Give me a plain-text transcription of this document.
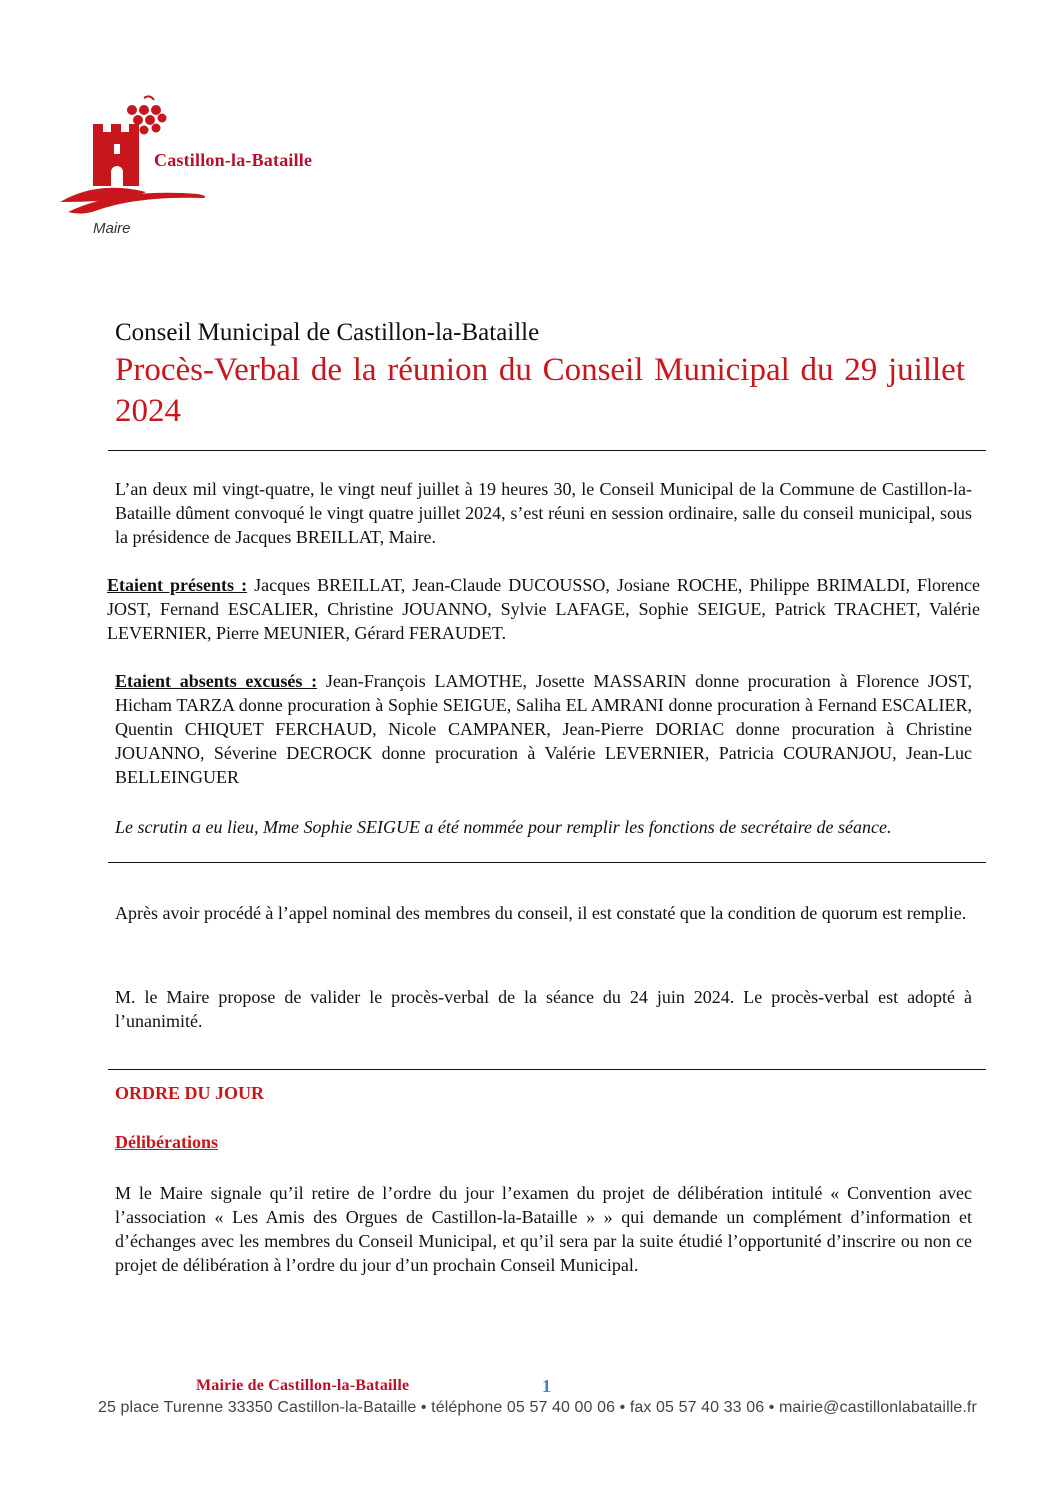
Castillon-la-Bataille
Maire
Conseil Municipal de Castillon-la-Bataille
Procès-Verbal de la réunion du Conseil Municipal du 29 juillet 2024
L’an deux mil vingt-quatre, le vingt neuf juillet à 19 heures 30, le Conseil Municipal de la Commune de Castillon-la-Bataille dûment convoqué le vingt quatre juillet 2024, s’est réuni en session ordinaire, salle du conseil municipal, sous la présidence de Jacques BREILLAT, Maire.
Etaient présents : Jacques BREILLAT, Jean-Claude DUCOUSSO, Josiane ROCHE, Philippe BRIMALDI, Florence JOST, Fernand ESCALIER, Christine JOUANNO, Sylvie LAFAGE, Sophie SEIGUE, Patrick TRACHET, Valérie LEVERNIER, Pierre MEUNIER, Gérard FERAUDET.
Etaient absents excusés : Jean-François LAMOTHE, Josette MASSARIN donne procuration à Florence JOST, Hicham TARZA donne procuration à Sophie SEIGUE, Saliha EL AMRANI donne procuration à Fernand ESCALIER, Quentin CHIQUET FERCHAUD, Nicole CAMPANER, Jean-Pierre DORIAC donne procuration à Christine JOUANNO, Séverine DECROCK donne procuration à Valérie LEVERNIER, Patricia COURANJOU, Jean-Luc BELLEINGUER
Le scrutin a eu lieu, Mme Sophie SEIGUE a été nommée pour remplir les fonctions de secrétaire de séance.
Après avoir procédé à l’appel nominal des membres du conseil, il est constaté que la condition de quorum est remplie.
M. le Maire propose de valider le procès-verbal de la séance du 24 juin 2024. Le procès-verbal est adopté à l’unanimité.
ORDRE DU JOUR
Délibérations
M le Maire signale qu’il retire de l’ordre du jour l’examen du projet de délibération intitulé « Convention avec l’association « Les Amis des Orgues de Castillon-la-Bataille » » qui demande un complément d’information et d’échanges avec les membres du Conseil Municipal, et qu’il sera par la suite étudié l’opportunité d’inscrire ou non ce projet de délibération à l’ordre du jour d’un prochain Conseil Municipal.
Mairie de Castillon-la-Bataille	1
25 place Turenne 33350 Castillon-la-Bataille • téléphone 05 57 40 00 06 • fax 05 57 40 33 06 • mairie@castillonlabataille.fr
